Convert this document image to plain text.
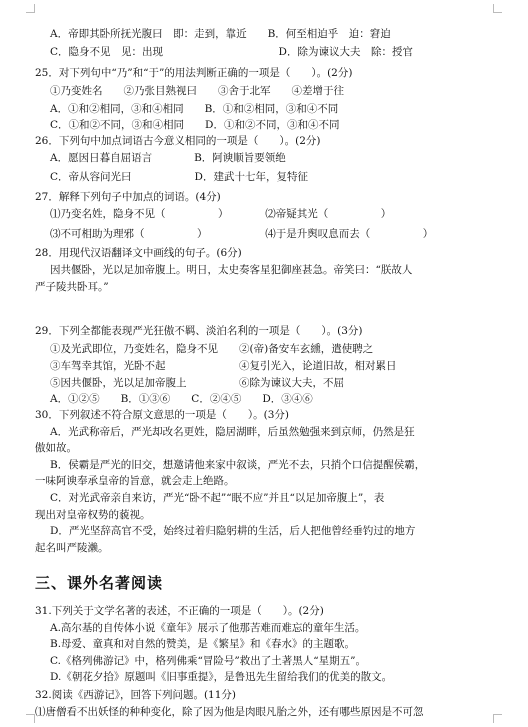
A．帝即其卧所抚光腹曰　即：走到，靠近　　B．何至相迫乎　迫：窘迫
C．隐身不见　见：出现　　　　　　　　　　　D．除为谏议大夫　除：授官
25．对下列句中“乃”和“于”的用法判断正确的一项是（　　）。(2分)
①乃变姓名　　②乃张目熟视曰　　③舍于北军　　④差增于往
A．①和②相同，③和④相同　　B．①和②相同，③和④不同
C．①和②不同，③和④相同　　D．①和②不同，③和④不同
26．下列句中加点词语古今意义相同的一项是（　　）。(2分)
A．愿因日暮自屈语言　　　　B．阿谀顺旨要领绝
C．帝从容问光曰　　　　　　D．建武十七年，复特征
27．解释下列句子中加点的词语。(4分)
⑴乃变名姓，隐身不见（　　　　　）　　　　⑵帝疑其光（　　　　　）
⑶不可相助为理邪（　　　　　）　　　　　　⑷于是升舆叹息而去（　　　　　）
28．用现代汉语翻译文中画线的句子。(6分)
因共偃卧，光以足加帝腹上。明日，太史奏客星犯御座甚急。帝笑曰：“朕故人
严子陵共卧耳。”
29．下列全都能表现严光狂傲不羁、淡泊名利的一项是（　　）。(3分)
①及光武即位，乃变姓名，隐身不见　　②(帝)备安车玄纁，遣使聘之
③车驾幸其馆，光卧不起　　　　　　　④复引光入，论道旧故，相对累日
⑤因共偃卧，光以足加帝腹上　　　　　⑥除为谏议大夫，不屈
A．①②⑤　　B．①③⑥　　C．②④⑤　　D．③④⑥
30．下列叙述不符合原文意思的一项是（　　）。(3分)
A．光武称帝后，严光却改名更姓，隐居湖畔，后虽然勉强来到京师，仍然是狂
傲如故。
B．侯霸是严光的旧交，想邀请他来家中叙谈，严光不去，只捎个口信提醒侯霸，
一味阿谀奉承皇帝的旨意，就会走上绝路。
C．对光武帝亲自来访，严光“卧不起”“眠不应”并且“以足加帝腹上”，表
现出对皇帝权势的藐视。
D．严光坚辞高官不受，始终过着归隐躬耕的生活，后人把他曾经垂钓过的地方
起名叫严陵濑。
三、课外名著阅读
31.下列关于文学名著的表述，不正确的一项是（　　）。(2分)
A.高尔基的自传体小说《童年》展示了他那苦难而难忘的童年生活。
B.母爱、童真和对自然的赞美，是《繁星》和《春水》的主题歌。
C.《格列佛游记》中，格列佛乘“冒险号”救出了土著黑人“星期五”。
D.《朝花夕拾》原题叫《旧事重提》，是鲁迅先生留给我们的优美的散文。
32.阅读《西游记》，回答下列问题。(11分)
⑴唐僧看不出妖怪的种种变化，除了因为他是肉眼凡胎之外，还有哪些原因是不可忽
